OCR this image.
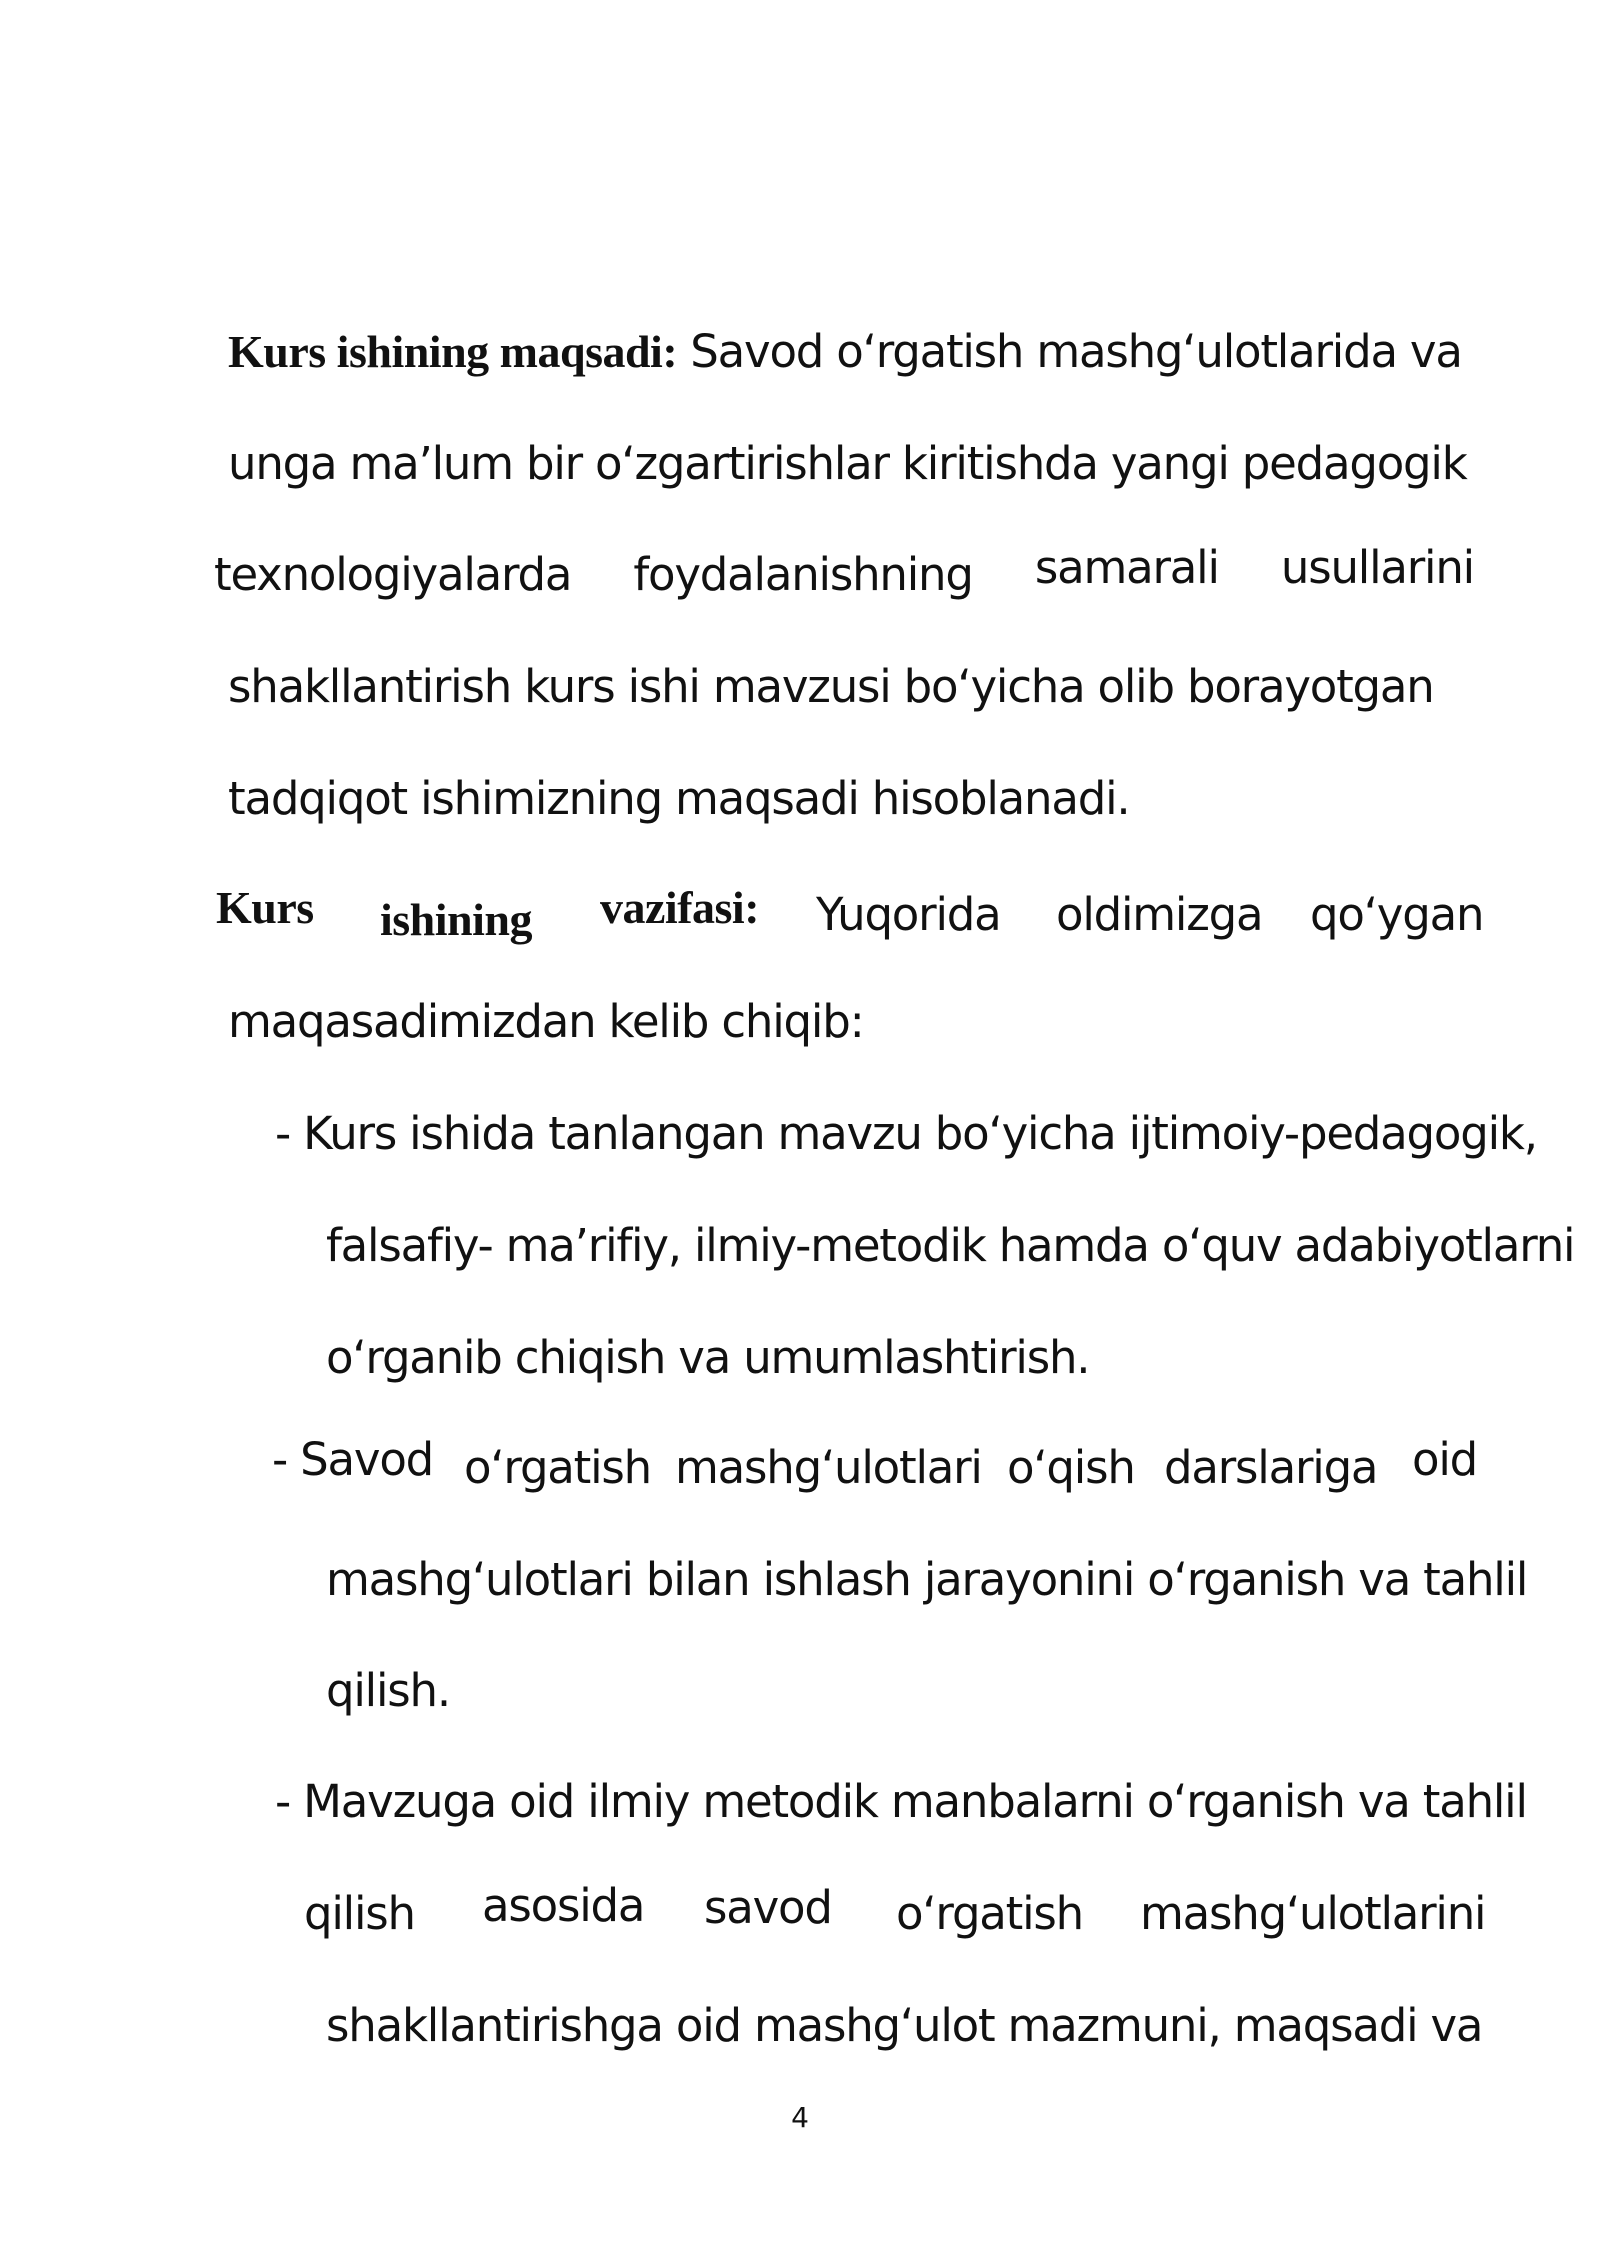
Kurs ishining maqsadi: Savod o‘rgatish mashg‘ulotlarida va

unga ma’lum bir o‘zgartirishlar kiritishda yangi pedagogik

texnologiyalarda foydalanishning samarali usullarini

shakllantirish kurs ishi mavzusi bo‘yicha olib borayotgan

tadqiqot ishimizning maqsadi hisoblanadi.

Kurs ishining vazifasi: Yuqorida oldimizga qo‘ygan

maqasadimizdan kelib chiqib:

- Kurs ishida tanlangan mavzu bo‘yicha ijtimoiy-pedagogik,

falsafiy- ma’rifiy, ilmiy-metodik hamda o‘quv adabiyotlarni

o‘rganib chiqish va umumlashtirish.

- Savod o‘rgatish mashg‘ulotlari o‘qish darslariga oid

mashg‘ulotlari bilan ishlash jarayonini o‘rganish va tahlil

qilish.

- Mavzuga oid ilmiy metodik manbalarni o‘rganish va tahlil

qilish asosida savod o‘rgatish mashg‘ulotlarini

shakllantirishga oid mashg‘ulot mazmuni, maqsadi va

4
